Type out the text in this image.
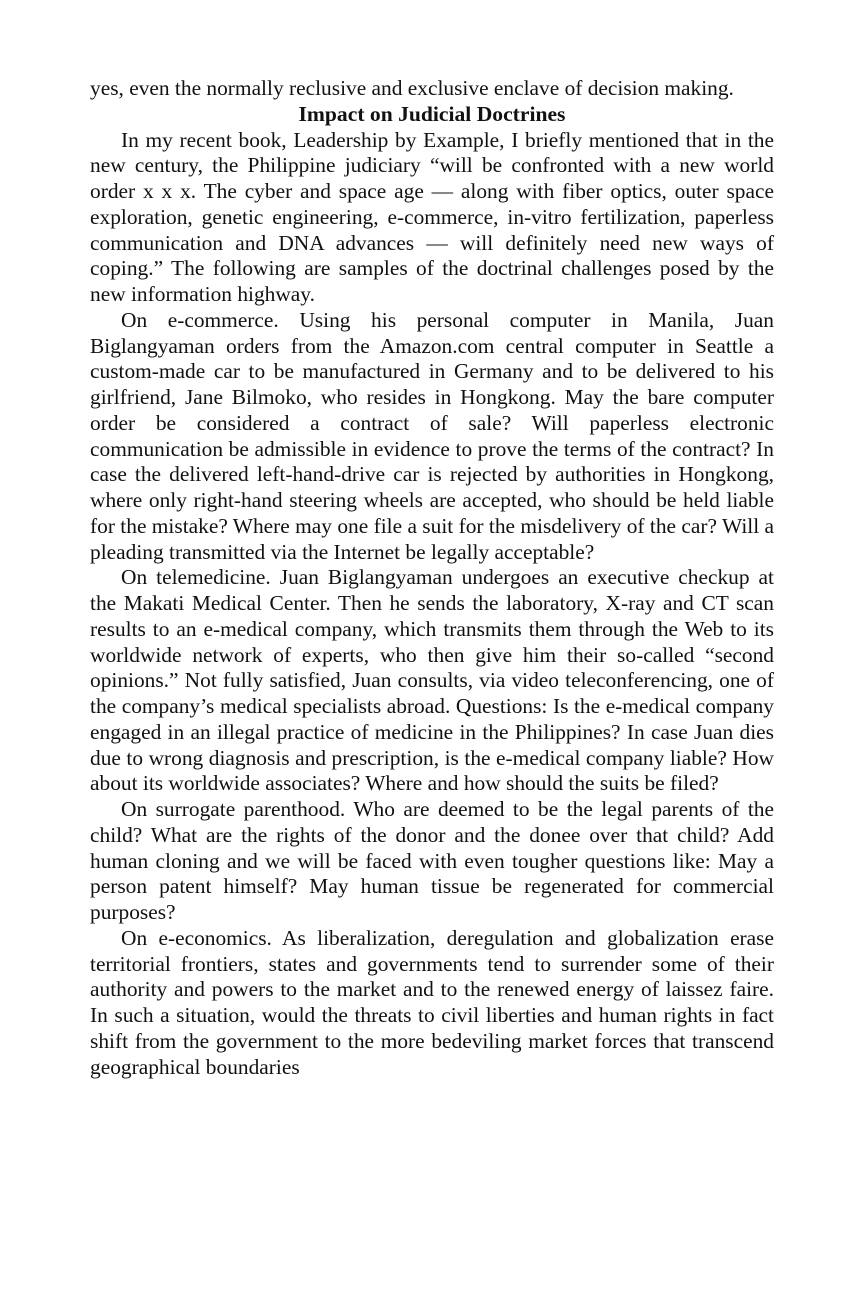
yes, even the normally reclusive and exclusive enclave of decision making.

Impact on Judicial Doctrines

In my recent book, Leadership by Example, I briefly mentioned that in the new century, the Philippine judiciary “will be confronted with a new world order x x x. The cyber and space age — along with fiber optics, outer space exploration, genetic engineering, e-commerce, in-vitro fertilization, paperless communication and DNA advances — will definitely need new ways of coping.” The following are samples of the doctrinal challenges posed by the new information highway.

On e-commerce. Using his personal computer in Manila, Juan Biglangyaman orders from the Amazon.com central computer in Seattle a custom-made car to be manufactured in Germany and to be delivered to his girlfriend, Jane Bilmoko, who resides in Hongkong. May the bare computer order be considered a contract of sale? Will paperless electronic communication be admissible in evidence to prove the terms of the contract? In case the delivered left-hand-drive car is rejected by authorities in Hongkong, where only right-hand steering wheels are accepted, who should be held liable for the mistake? Where may one file a suit for the misdelivery of the car? Will a pleading transmitted via the Internet be legally acceptable?

On telemedicine. Juan Biglangyaman undergoes an executive checkup at the Makati Medical Center. Then he sends the laboratory, X-ray and CT scan results to an e-medical company, which transmits them through the Web to its worldwide network of experts, who then give him their so-called “second opinions.” Not fully satisfied, Juan consults, via video teleconferencing, one of the company’s medical specialists abroad. Questions: Is the e-medical company engaged in an illegal practice of medicine in the Philippines? In case Juan dies due to wrong diagnosis and prescription, is the e-medical company liable? How about its worldwide associates? Where and how should the suits be filed?

On surrogate parenthood. Who are deemed to be the legal parents of the child? What are the rights of the donor and the donee over that child? Add human cloning and we will be faced with even tougher questions like: May a person patent himself? May human tissue be regenerated for commercial purposes?

On e-economics. As liberalization, deregulation and globalization erase territorial frontiers, states and governments tend to surrender some of their authority and powers to the market and to the renewed energy of laissez faire. In such a situation, would the threats to civil liberties and human rights in fact shift from the government to the more bedeviling market forces that transcend geographical boundaries
